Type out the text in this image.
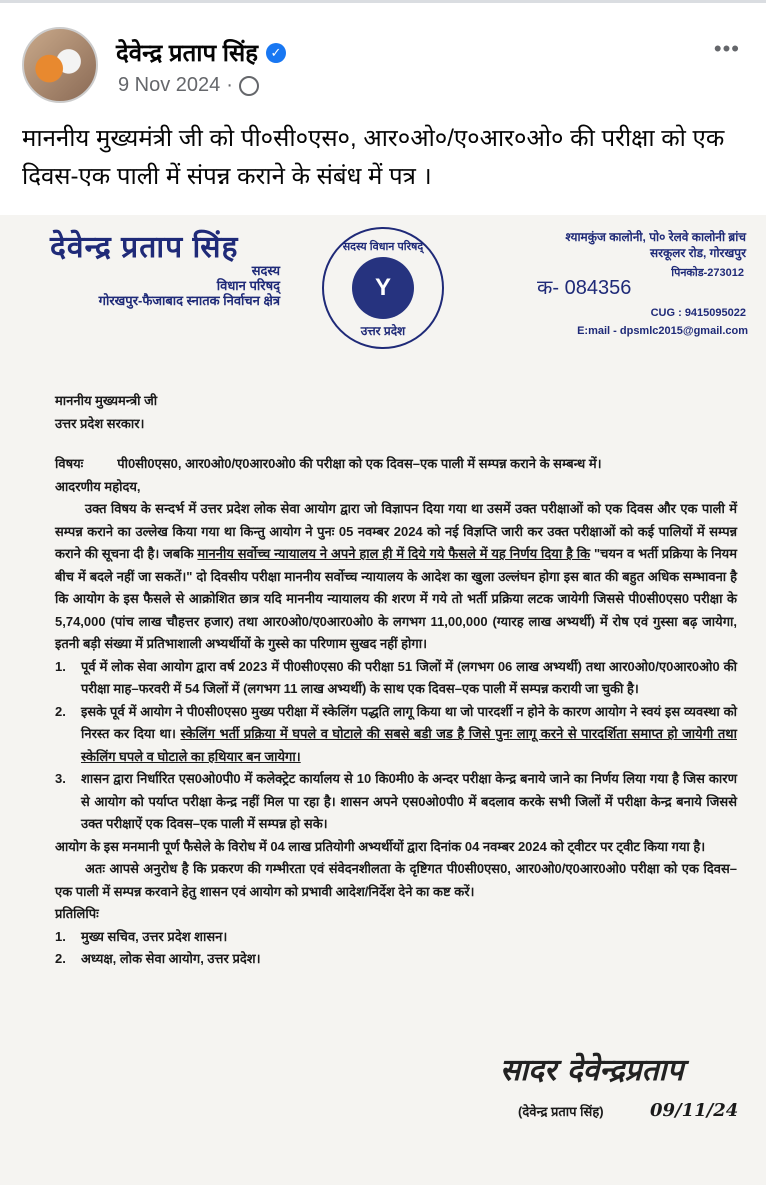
देवेन्द्र प्रताप सिंह ✓
9 Nov 2024 ·
•••
माननीय मुख्यमंत्री जी को पी०सी०एस०, आर०ओ०/ए०आर०ओ० की परीक्षा को एक दिवस-एक पाली में संपन्न कराने के संबंध में पत्र ।
देवेन्द्र प्रताप सिंह
सदस्य
विधान परिषद्
गोरखपुर-फैजाबाद स्नातक निर्वाचन क्षेत्र
सदस्य विधान परिषद्
Y
उत्तर प्रदेश
श्यामकुंज कालोनी, पो० रेलवे कालोनी ब्रांच
सरकूलर रोड, गोरखपुर
पिनकोड-273012
क- 084356
CUG : 9415095022
E:mail - dpsmlc2015@gmail.com
माननीय मुख्यमन्त्री जी
उत्तर प्रदेश सरकार।
विषयः	पी0सी0एस0, आर0ओ0/ए0आर0ओ0 की परीक्षा को एक दिवस–एक पाली में सम्पन्न कराने के सम्बन्ध में।
आदरणीय महोदय,

उक्त विषय के सन्दर्भ में उत्तर प्रदेश लोक सेवा आयोग द्वारा जो विज्ञापन दिया गया था उसमें उक्त परीक्षाओं को एक दिवस और एक पाली में सम्पन्न कराने का उल्लेख किया गया था किन्तु आयोग ने पुनः 05 नवम्बर 2024 को नई विज्ञप्ति जारी कर उक्त परीक्षाओं को कई पालियों में सम्पन्न कराने की सूचना दी है। जबकि माननीय सर्वोच्च न्यायालय ने अपने हाल ही में दिये गये फैसले में यह निर्णय दिया है कि "चयन व भर्ती प्रक्रिया के नियम बीच में बदले नहीं जा सकतें।" दो दिवसीय परीक्षा माननीय सर्वोच्च न्यायालय के आदेश का खुला उल्लंघन होगा इस बात की बहुत अधिक सम्भावना है कि आयोग के इस फैसले से आक्रोशित छात्र यदि माननीय न्यायालय की शरण में गये तो भर्ती प्रक्रिया लटक जायेगी जिससे पी0सी0एस0 परीक्षा के 5,74,000 (पांच लाख चौहत्तर हजार) तथा आर0ओ0/ए0आर0ओ0 के लगभग 11,00,000 (ग्यारह लाख अभ्यर्थी) में रोष एवं गुस्सा बढ़ जायेगा, इतनी बड़ी संख्या में प्रतिभाशाली अभ्यर्थीयों के गुस्से का परिणाम सुखद नहीं होगा।

1. पूर्व में लोक सेवा आयोग द्वारा वर्ष 2023 में पी0सी0एस0 की परीक्षा 51 जिलों में (लगभग 06 लाख अभ्यर्थी) तथा आर0ओ0/ए0आर0ओ0 की परीक्षा माह–फरवरी में 54 जिलों में (लगभग 11 लाख अभ्यर्थी) के साथ एक दिवस–एक पाली में सम्पन्न करायी जा चुकी है।
2. इसके पूर्व में आयोग ने पी0सी0एस0 मुख्य परीक्षा में स्केलिंग पद्धति लागू किया था जो पारदर्शी न होने के कारण आयोग ने स्वयं इस व्यवस्था को निरस्त कर दिया था। स्केलिंग भर्ती प्रक्रिया में घपले व घोटाले की सबसे बडी जड है जिसे पुनः लागू करने से पारदर्शिता समाप्त हो जायेगी तथा स्केलिंग घपले व घोटाले का हथियार बन जायेगा।
3. शासन द्वारा निर्धारित एस0ओ0पी0 में कलेक्ट्रेट कार्यालय से 10 कि0मी0 के अन्दर परीक्षा केन्द्र बनाये जाने का निर्णय लिया गया है जिस कारण से आयोग को पर्याप्त परीक्षा केन्द्र नहीं मिल पा रहा है। शासन अपने एस0ओ0पी0 में बदलाव करके सभी जिलों में परीक्षा केन्द्र बनाये जिससे उक्त परीक्षाऐं एक दिवस–एक पाली में सम्पन्न हो सके।

आयोग के इस मनमानी पूर्ण फैसेले के विरोध में 04 लाख प्रतियोगी अभ्यर्थीयों द्वारा दिनांक 04 नवम्बर 2024 को ट्वीटर पर ट्वीट किया गया है।

अतः आपसे अनुरोध है कि प्रकरण की गम्भीरता एवं संवेदनशीलता के दृष्टिगत पी0सी0एस0, आर0ओ0/ए0आर0ओ0 परीक्षा को एक दिवस–एक पाली में सम्पन्न करवाने हेतु शासन एवं आयोग को प्रभावी आदेश/निर्देश देने का कष्ट करें।

प्रतिलिपिः
1. मुख्य सचिव, उत्तर प्रदेश शासन।
2. अध्यक्ष, लोक सेवा आयोग, उत्तर प्रदेश।
सादर देवेन्द्रप्रताप
(देवेन्द्र प्रताप सिंह)	09/11/24
